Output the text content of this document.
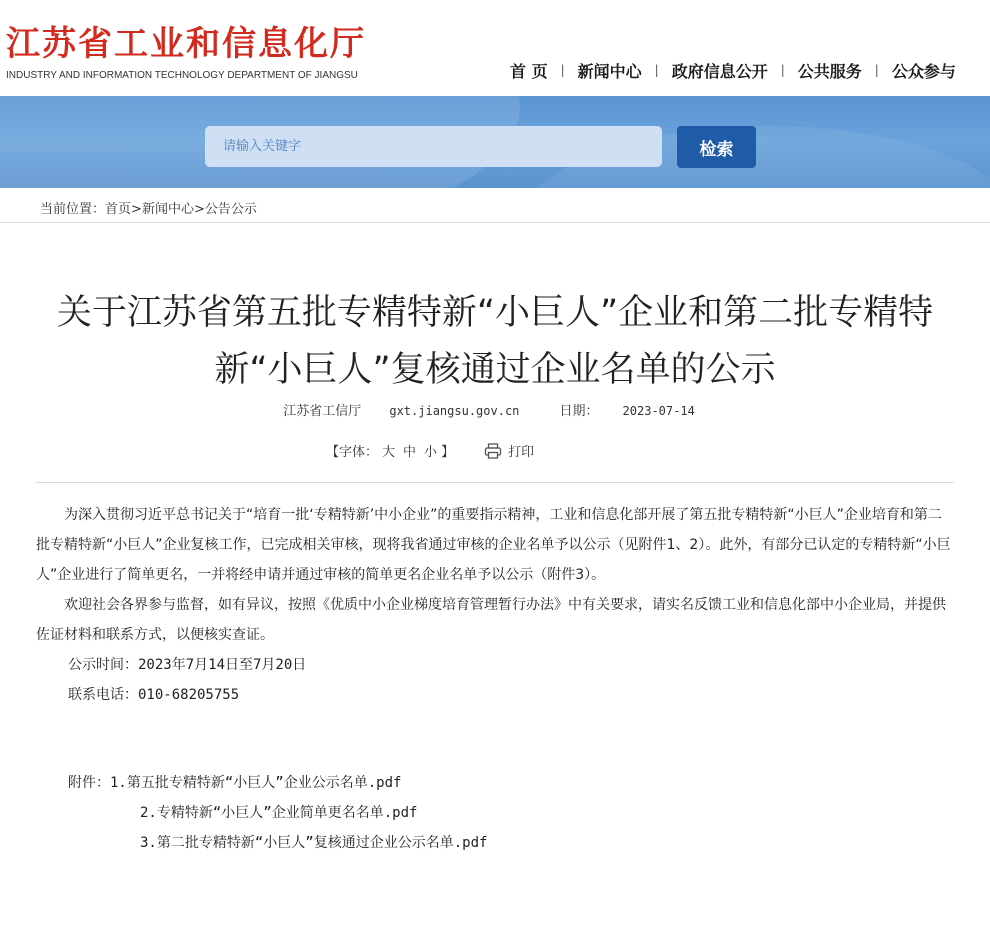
江苏省工业和信息化厅
INDUSTRY AND INFORMATION TECHNOLOGY DEPARTMENT OF JIANGSU	首 页	| 新闻中心	| 政府信息公开	| 公共服务	| 公众参与
请输入关键字
检索
当前位置：首页>新闻中心>公告公示
关于江苏省第五批专精特新“小巨人”企业和第二批专精特新“小巨人”复核通过企业名单的公示
江苏省工信厅 gxt.jiangsu.gov.cn	日期： 2023-07-14
【字体： 大 中 小 】	打印

为深入贯彻习近平总书记关于“培育一批‘专精特新’中小企业”的重要指示精神，工业和信息化部开展了第五批专精特新“小巨人”企业培育和第二批专精特新“小巨人”企业复核工作，已完成相关审核，现将我省通过审核的企业名单予以公示（见附件1、2）。此外，有部分已认定的专精特新“小巨人”企业进行了简单更名，一并将经申请并通过审核的简单更名企业名单予以公示（附件3）。

欢迎社会各界参与监督，如有异议，按照《优质中小企业梯度培育管理暂行办法》中有关要求，请实名反馈工业和信息化部中小企业局，并提供佐证材料和联系方式，以便核实查证。

公示时间：2023年7月14日至7月20日
联系电话：010-68205755
附件：1.第五批专精特新“小巨人”企业公示名单.pdf
2.专精特新“小巨人”企业简单更名名单.pdf
3.第二批专精特新“小巨人”复核通过企业公示名单.pdf
